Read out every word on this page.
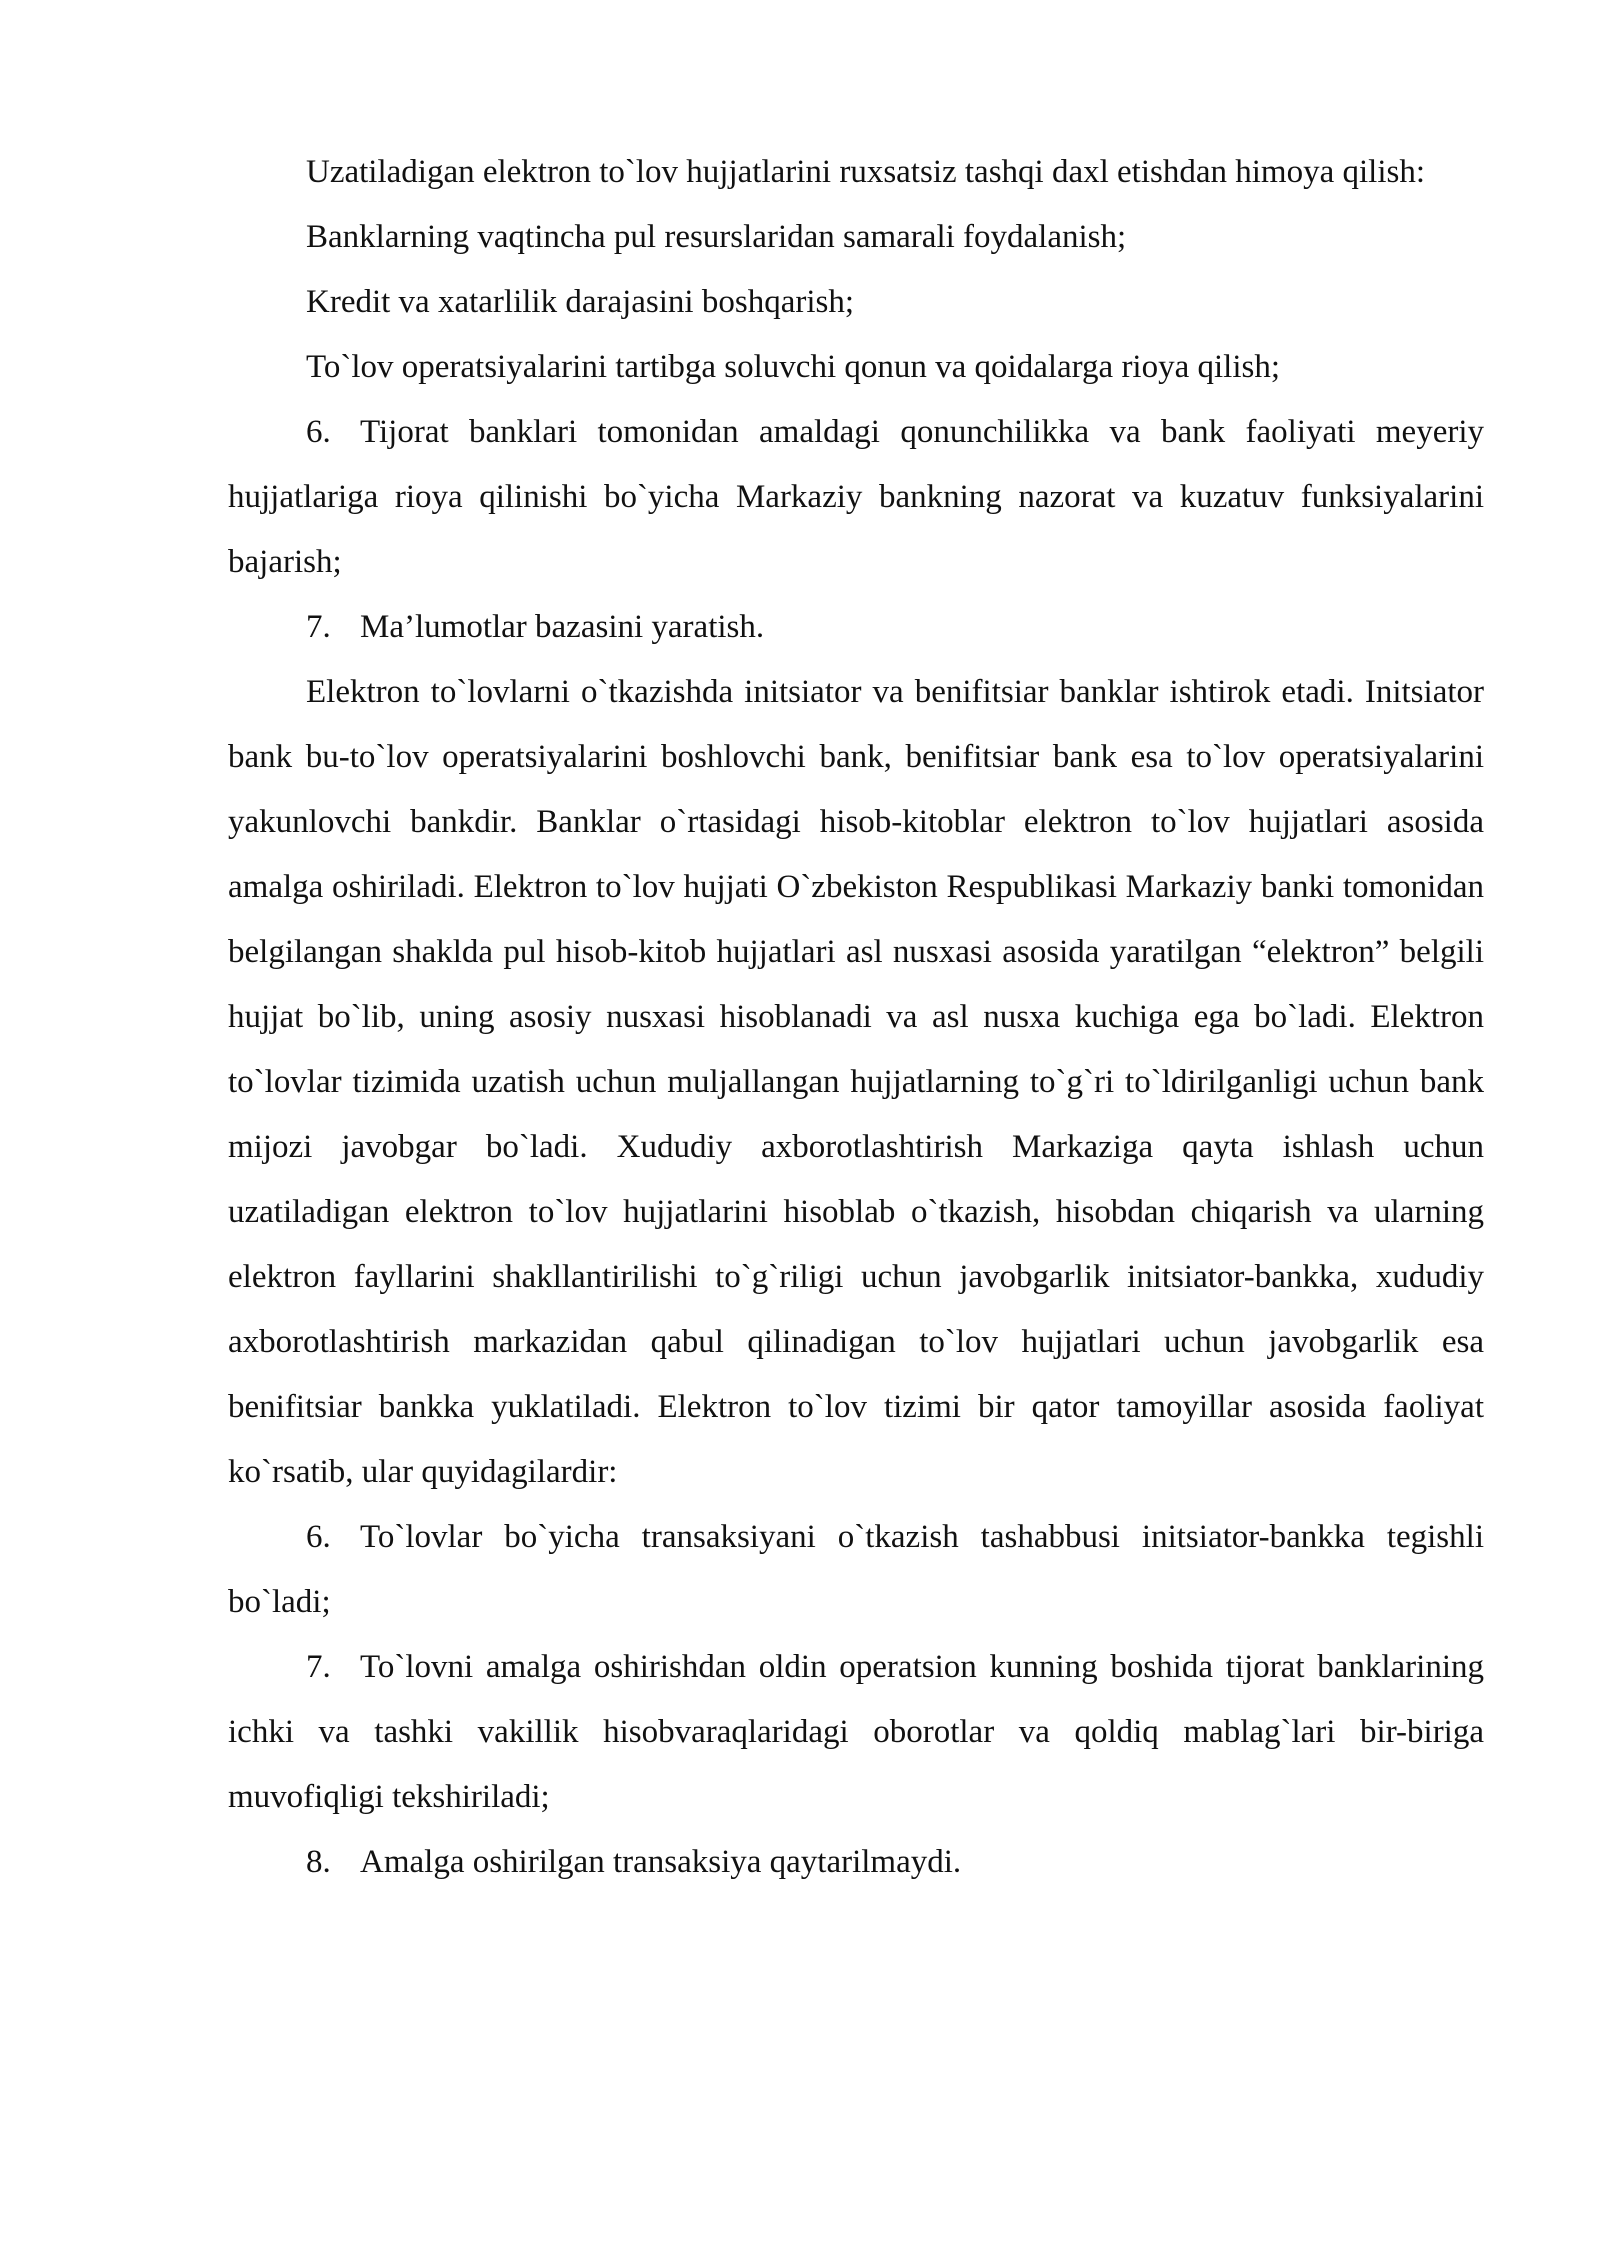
Uzatiladigan elektron to`lov hujjatlarini ruxsatsiz tashqi daxl etishdan himoya qilish:

Banklarning vaqtincha pul resurslaridan samarali foydalanish;

Kredit va xatarlilik darajasini boshqarish;

To`lov operatsiyalarini tartibga soluvchi qonun va qoidalarga rioya qilish;

6. Tijorat banklari tomonidan amaldagi qonunchilikka va bank faoliyati meyeriy hujjatlariga rioya qilinishi bo`yicha Markaziy bankning nazorat va kuzatuv funksiyalarini bajarish;

7. Ma’lumotlar bazasini yaratish.

Elektron to`lovlarni o`tkazishda initsiator va benifitsiar banklar ishtirok etadi. Initsiator bank bu-to`lov operatsiyalarini boshlovchi bank, benifitsiar bank esa to`lov operatsiyalarini yakunlovchi bankdir. Banklar o`rtasidagi hisob-kitoblar elektron to`lov hujjatlari asosida amalga oshiriladi. Elektron to`lov hujjati O`zbekiston Respublikasi Markaziy banki tomonidan belgilangan shaklda pul hisob-kitob hujjatlari asl nusxasi asosida yaratilgan “elektron” belgili hujjat bo`lib, uning asosiy nusxasi hisoblanadi va asl nusxa kuchiga ega bo`ladi. Elektron to`lovlar tizimida uzatish uchun muljallangan hujjatlarning to`g`ri to`ldirilganligi uchun bank mijozi javobgar bo`ladi. Xududiy axborotlashtirish Markaziga qayta ishlash uchun uzatiladigan elektron to`lov hujjatlarini hisoblab o`tkazish, hisobdan chiqarish va ularning elektron fayllarini shakllantirilishi to`g`riligi uchun javobgarlik initsiator-bankka, xududiy axborotlashtirish markazidan qabul qilinadigan to`lov hujjatlari uchun javobgarlik esa benifitsiar bankka yuklatiladi. Elektron to`lov tizimi bir qator tamoyillar asosida faoliyat ko`rsatib, ular quyidagilardir:

6. To`lovlar bo`yicha transaksiyani o`tkazish tashabbusi initsiator-bankka tegishli bo`ladi;

7. To`lovni amalga oshirishdan oldin operatsion kunning boshida tijorat banklarining ichki va tashki vakillik hisobvaraqlaridagi oborotlar va qoldiq mablag`lari bir-biriga muvofiqligi tekshiriladi;

8. Amalga oshirilgan transaksiya qaytarilmaydi.
